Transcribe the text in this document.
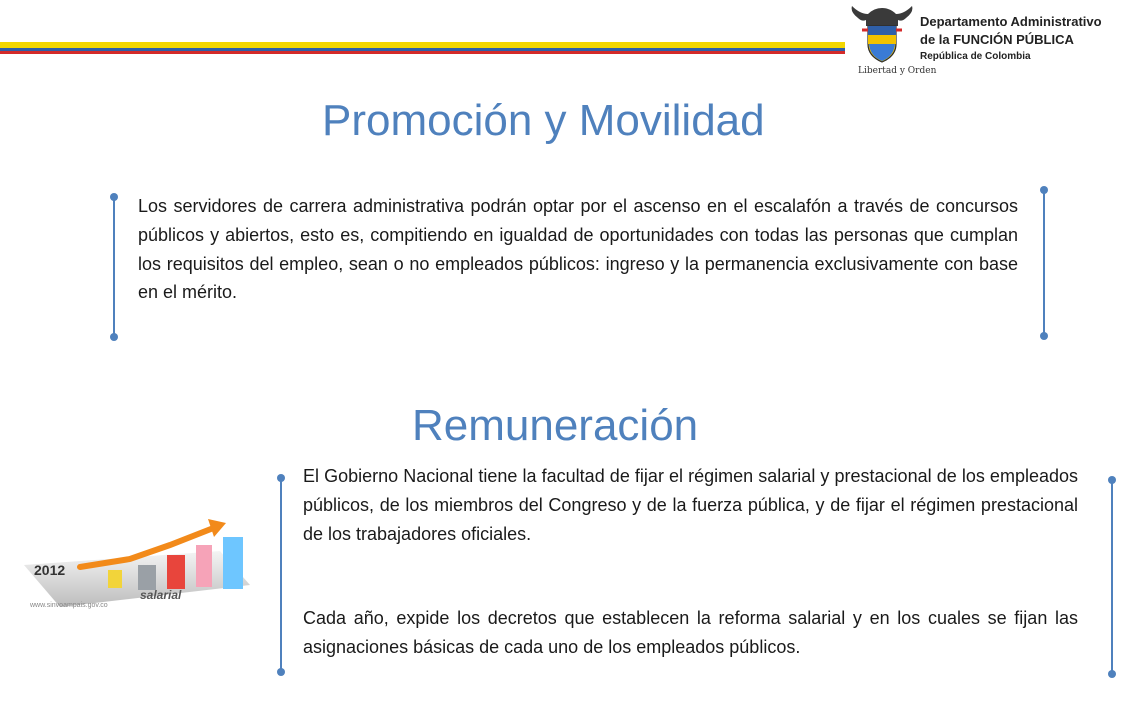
Libertad y Orden
Departamento Administrativo
de la FUNCIÓN PÚBLICA
República de Colombia
Promoción y Movilidad

Los servidores de carrera administrativa podrán optar por el ascenso en el escalafón a través de concursos públicos y abiertos, esto es, compitiendo en igualdad de oportunidades con todas las personas que cumplan los requisitos del empleo, sean o no empleados públicos: ingreso y la permanencia exclusivamente con base en el mérito.

Remuneración

El Gobierno Nacional tiene la facultad de fijar el régimen salarial y prestacional de los empleados públicos, de los miembros del Congreso y de la fuerza pública, y de fijar el régimen prestacional de los trabajadores oficiales.

Cada año, expide los decretos que establecen la reforma salarial y en los cuales se fijan las asignaciones básicas de cada uno de los empleados públicos.

2012
salarial
www.sinvoampais.gov.co
